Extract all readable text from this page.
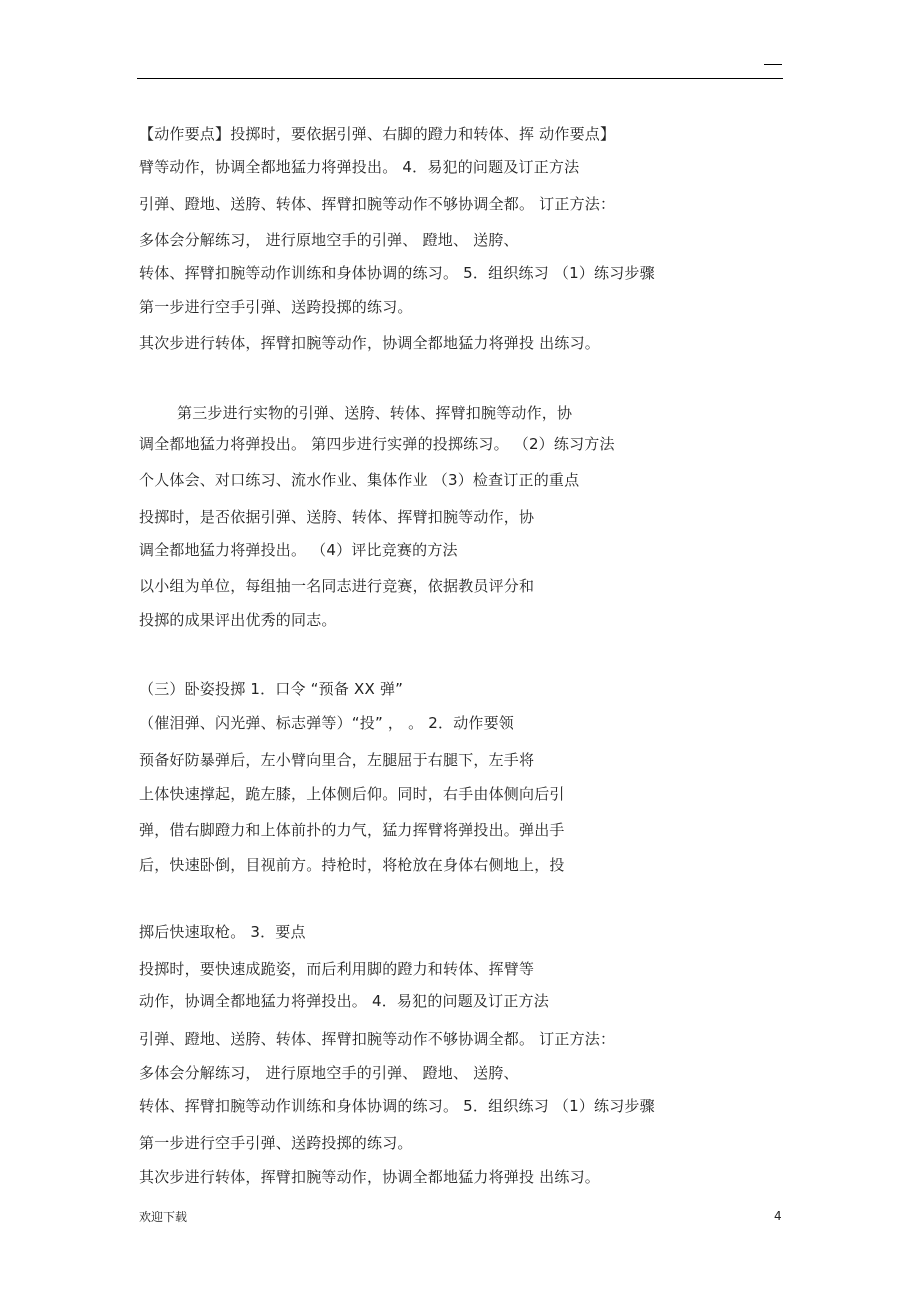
【动作要点】投掷时，要依据引弹、右脚的蹬力和转体、挥 动作要点】
臂等动作，协调全都地猛力将弹投出。 4．易犯的问题及订正方法
引弹、蹬地、送胯、转体、挥臂扣腕等动作不够协调全都。 订正方法：
多体会分解练习， 进行原地空手的引弹、 蹬地、 送胯、
转体、挥臂扣腕等动作训练和身体协调的练习。 5．组织练习 （1）练习步骤
第一步进行空手引弹、送跨投掷的练习。
其次步进行转体，挥臂扣腕等动作，协调全都地猛力将弹投 出练习。
第三步进行实物的引弹、送胯、转体、挥臂扣腕等动作，协
调全都地猛力将弹投出。 第四步进行实弹的投掷练习。 （2）练习方法
个人体会、对口练习、流水作业、集体作业 （3）检查订正的重点
投掷时，是否依据引弹、送胯、转体、挥臂扣腕等动作，协
调全都地猛力将弹投出。 （4）评比竞赛的方法
以小组为单位，每组抽一名同志进行竞赛，依据教员评分和
投掷的成果评出优秀的同志。
（三）卧姿投掷 1．口令 “预备 XX 弹”
（催泪弹、闪光弹、标志弹等）“投” ， 。 2．动作要领
预备好防暴弹后，左小臂向里合，左腿屈于右腿下，左手将
上体快速撑起，跪左膝，上体侧后仰。同时，右手由体侧向后引
弹，借右脚蹬力和上体前扑的力气，猛力挥臂将弹投出。弹出手
后，快速卧倒，目视前方。持枪时，将枪放在身体右侧地上，投
掷后快速取枪。 3．要点
投掷时，要快速成跪姿，而后利用脚的蹬力和转体、挥臂等
动作，协调全都地猛力将弹投出。 4．易犯的问题及订正方法
引弹、蹬地、送胯、转体、挥臂扣腕等动作不够协调全都。 订正方法：
多体会分解练习， 进行原地空手的引弹、 蹬地、 送胯、
转体、挥臂扣腕等动作训练和身体协调的练习。 5．组织练习 （1）练习步骤
第一步进行空手引弹、送跨投掷的练习。
其次步进行转体，挥臂扣腕等动作，协调全都地猛力将弹投 出练习。
欢迎下载	4
